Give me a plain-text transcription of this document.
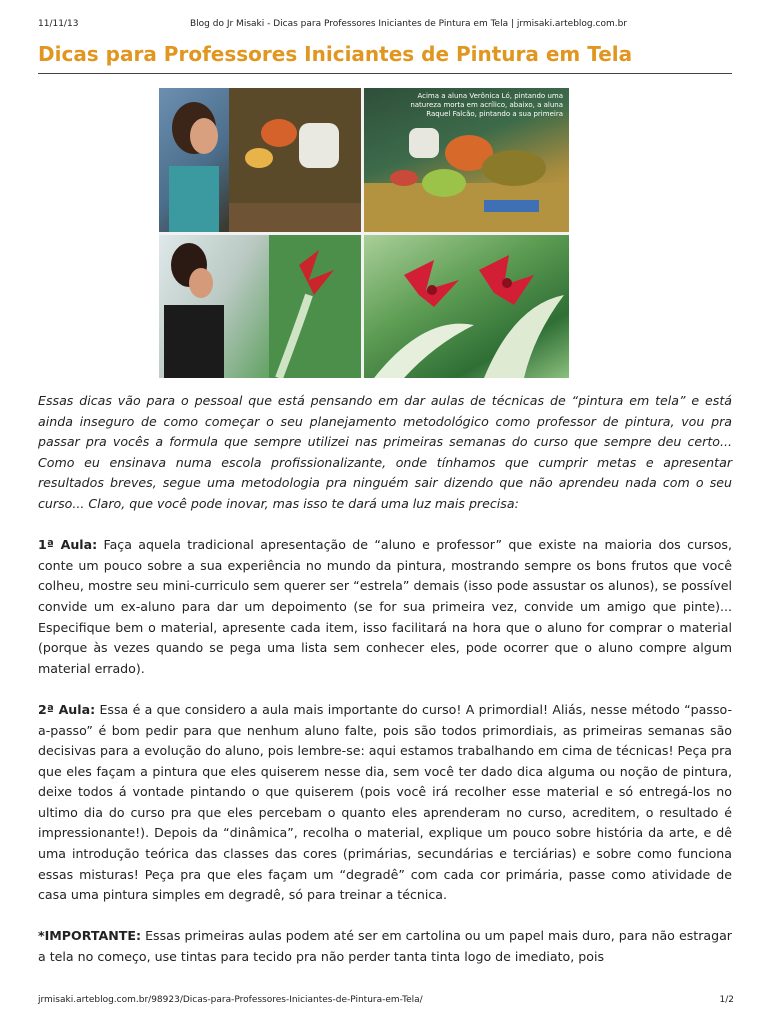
11/11/13	Blog do Jr Misaki - Dicas para Professores Iniciantes de Pintura em Tela | jrmisaki.arteblog.com.br
Dicas para Professores Iniciantes de Pintura em Tela
Acima a aluna Verônica Ló, pintando uma natureza morta em acrílico, abaixo, a aluna Raquel Falcão, pintando a sua primeira

Essas dicas vão para o pessoal que está pensando em dar aulas de técnicas de “pintura em tela” e está ainda inseguro de como começar o seu planejamento metodológico como professor de pintura, vou pra passar pra vocês a formula que sempre utilizei nas primeiras semanas do curso que sempre deu certo... Como eu ensinava numa escola profissionalizante, onde tínhamos que cumprir metas e apresentar resultados breves, segue uma metodologia pra ninguém sair dizendo que não aprendeu nada com o seu curso... Claro, que você pode inovar, mas isso te dará uma luz mais precisa:

1ª Aula: Faça aquela tradicional apresentação de “aluno e professor” que existe na maioria dos cursos, conte um pouco sobre a sua experiência no mundo da pintura, mostrando sempre os bons frutos que você colheu, mostre seu mini-curriculo sem querer ser “estrela” demais (isso pode assustar os alunos), se possível convide um ex-aluno para dar um depoimento (se for sua primeira vez, convide um amigo que pinte)... Especifique bem o material, apresente cada item, isso facilitará na hora que o aluno for comprar o material (porque às vezes quando se pega uma lista sem conhecer eles, pode ocorrer que o aluno compre algum material errado).

2ª Aula: Essa é a que considero a aula mais importante do curso! A primordial! Aliás, nesse método “passo-a-passo” é bom pedir para que nenhum aluno falte, pois são todos primordiais, as primeiras semanas são decisivas para a evolução do aluno, pois lembre-se: aqui estamos trabalhando em cima de técnicas! Peça pra que eles façam a pintura que eles quiserem nesse dia, sem você ter dado dica alguma ou noção de pintura, deixe todos á vontade pintando o que quiserem (pois você irá recolher esse material e só entregá-los no ultimo dia do curso pra que eles percebam o quanto eles aprenderam no curso, acreditem, o resultado é impressionante!). Depois da “dinâmica”, recolha o material, explique um pouco sobre história da arte, e dê uma introdução teórica das classes das cores (primárias, secundárias e terciárias) e sobre como funciona essas misturas! Peça pra que eles façam um “degradê” com cada cor primária, passe como atividade de casa uma pintura simples em degradê, só para treinar a técnica.

*IMPORTANTE: Essas primeiras aulas podem até ser em cartolina ou um papel mais duro, para não estragar a tela no começo, use tintas para tecido pra não perder tanta tinta logo de imediato, pois

jrmisaki.arteblog.com.br/98923/Dicas-para-Professores-Iniciantes-de-Pintura-em-Tela/	1/2
